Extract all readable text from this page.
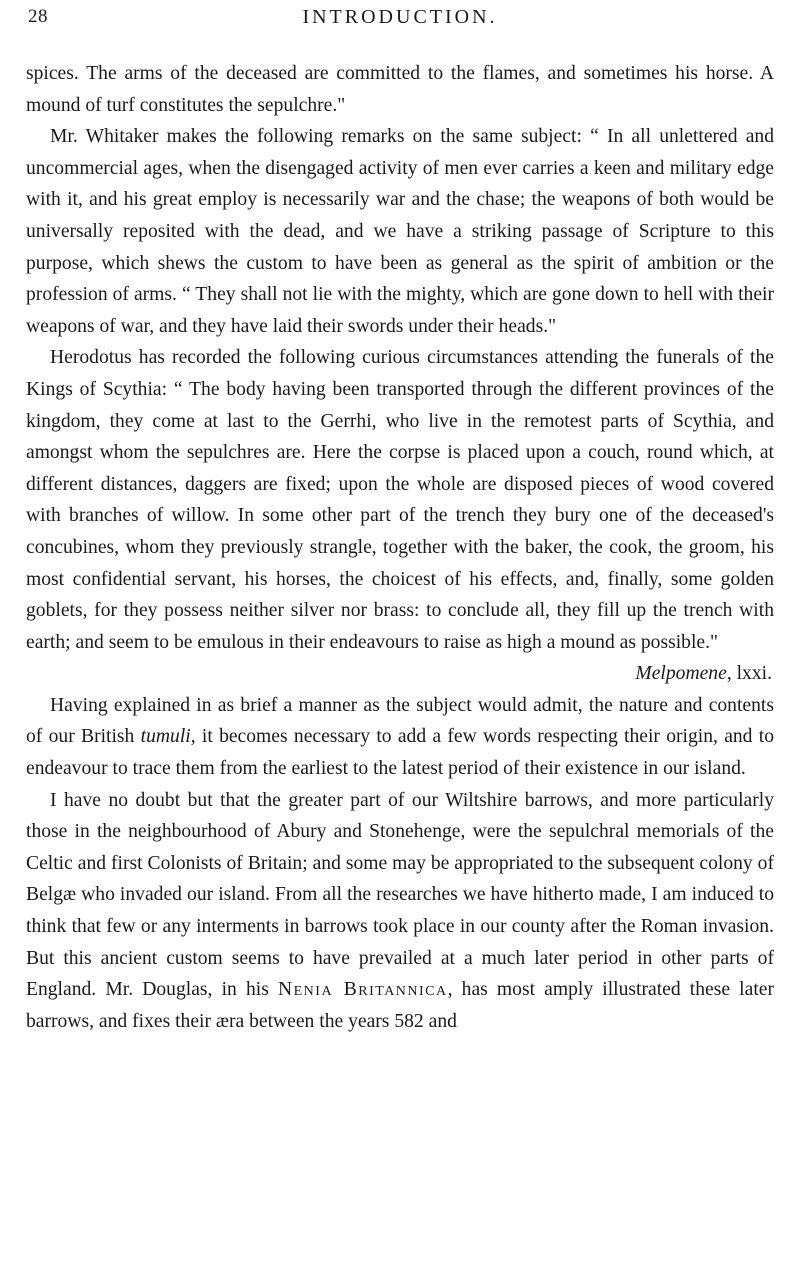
28	INTRODUCTION.

spices. The arms of the deceased are committed to the flames, and sometimes his horse. A mound of turf constitutes the sepulchre."

Mr. Whitaker makes the following remarks on the same subject: “ In all unlettered and uncommercial ages, when the disengaged activity of men ever carries a keen and military edge with it, and his great employ is necessarily war and the chase; the weapons of both would be universally reposited with the dead, and we have a striking passage of Scripture to this purpose, which shews the custom to have been as general as the spirit of ambition or the profession of arms. “ They shall not lie with the mighty, which are gone down to hell with their weapons of war, and they have laid their swords under their heads."

Herodotus has recorded the following curious circumstances attending the funerals of the Kings of Scythia: “ The body having been transported through the different provinces of the kingdom, they come at last to the Gerrhi, who live in the remotest parts of Scythia, and amongst whom the sepulchres are. Here the corpse is placed upon a couch, round which, at different distances, daggers are fixed; upon the whole are disposed pieces of wood covered with branches of willow. In some other part of the trench they bury one of the deceased's concubines, whom they previously strangle, together with the baker, the cook, the groom, his most confidential servant, his horses, the choicest of his effects, and, finally, some golden goblets, for they possess neither silver nor brass: to conclude all, they fill up the trench with earth; and seem to be emulous in their endeavours to raise as high a mound as possible."

Melpomene, lxxi.

Having explained in as brief a manner as the subject would admit, the nature and contents of our British tumuli, it becomes necessary to add a few words respecting their origin, and to endeavour to trace them from the earliest to the latest period of their existence in our island.

I have no doubt but that the greater part of our Wiltshire barrows, and more particularly those in the neighbourhood of Abury and Stonehenge, were the sepulchral memorials of the Celtic and first Colonists of Britain; and some may be appropriated to the subsequent colony of Belgæ who invaded our island. From all the researches we have hitherto made, I am induced to think that few or any interments in barrows took place in our county after the Roman invasion. But this ancient custom seems to have prevailed at a much later period in other parts of England. Mr. Douglas, in his Nenia Britannica, has most amply illustrated these later barrows, and fixes their æra between the years 582 and
